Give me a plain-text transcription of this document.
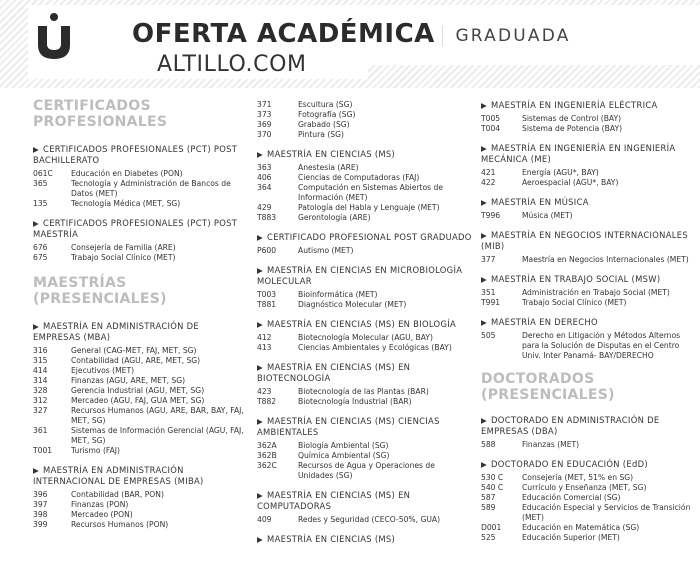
OFERTA ACADÉMICA	GRADUADA
ALTILLO.COM
CERTIFICADOS PROFESIONALES
▶ CERTIFICADOS PROFESIONALES (PCT) POST BACHILLERATO
061C	Educación en Diabetes (PON)
365	Tecnología y Administración de Bancos de Datos (MET)
135	Tecnología Médica (MET, SG)
▶ CERTIFICADOS PROFESIONALES (PCT) POST MAESTRÍA
676	Consejería de Familia (ARE)
675	Trabajo Social Clínico (MET)
MAESTRÍAS (PRESENCIALES)
▶ MAESTRÍA EN ADMINISTRACIÓN DE EMPRESAS (MBA)
316	General (CAG-MET, FAJ, MET, SG)
315	Contabilidad (AGU, ARE, MET, SG)
414	Ejecutivos (MET)
314	Finanzas (AGU, ARE, MET, SG)
328	Gerencia Industrial (AGU, MET, SG)
312	Mercadeo (AGU, FAJ, GUA MET, SG)
327	Recursos Humanos (AGU, ARE, BAR, BAY, FAJ, MET, SG)
361	Sistemas de Información Gerencial (AGU, FAJ, MET, SG)
T001	Turismo (FAJ)
▶ MAESTRÍA EN ADMINISTRACIÓN INTERNACIONAL DE EMPRESAS (MIBA)
396	Contabilidad (BAR, PON)
397	Finanzas (PON)
398	Mercadeo (PON)
399	Recursos Humanos (PON)
371	Escultura (SG)
373	Fotografía (SG)
369	Grabado (SG)
370	Pintura (SG)
▶ MAESTRÍA EN CIENCIAS (MS)
363	Anestesia (ARE)
406	Ciencias de Computadoras (FAJ)
364	Computación en Sistemas Abiertos de Información (MET)
429	Patología del Habla y Lenguaje (MET)
T883	Gerontología (ARE)
▶ CERTIFICADO PROFESIONAL POST GRADUADO
P600	Autismo (MET)
▶ MAESTRÍA EN CIENCIAS EN MICROBIOLOGÍA MOLECULAR
T003	Bioinformática (MET)
T881	Diagnóstico Molecular (MET)
▶ MAESTRÍA EN CIENCIAS (MS) EN BIOLOGÍA
412	Biotecnología Molecular (AGU, BAY)
413	Ciencias Ambientales y Ecológicas (BAY)
▶ MAESTRÍA EN CIENCIAS (MS) EN BIOTECNOLOGÍA
423	Biotecnología de las Plantas (BAR)
T882	Biotecnología Industrial (BAR)
▶ MAESTRÍA EN CIENCIAS (MS) CIENCIAS AMBIENTALES
362A	Biología Ambiental (SG)
362B	Química Ambiental (SG)
362C	Recursos de Agua y Operaciones de Unidades (SG)
▶ MAESTRÍA EN CIENCIAS (MS) EN COMPUTADORAS
409	Redes y Seguridad (CECO-50%, GUA)
▶ MAESTRÍA EN CIENCIAS (MS)
▶ MAESTRÍA EN INGENIERÍA ELÉCTRICA
T005	Sistemas de Control (BAY)
T004	Sistema de Potencia (BAY)
▶ MAESTRÍA EN INGENIERÍA EN INGENIERÍA MECÁNICA (ME)
421	Energía (AGU*, BAY)
422	Aeroespacial (AGU*, BAY)
▶ MAESTRÍA EN MÚSICA
T996	Música (MET)
▶ MAESTRÍA EN NEGOCIOS INTERNACIONALES (MIB)
377	Maestría en Negocios Internacionales (MET)
▶ MAESTRÍA EN TRABAJO SOCIAL (MSW)
351	Administración en Trabajo Social (MET)
T991	Trabajo Social Clínico (MET)
▶ MAESTRÍA EN DERECHO
505	Derecho en Litigación y Métodos Alternos para la Solución de Disputas en el Centro Univ. Inter Panamá- BAY/DERECHO
DOCTORADOS (PRESENCIALES)
▶ DOCTORADO EN ADMINISTRACIÓN DE EMPRESAS (DBA)
588	Finanzas (MET)
▶ DOCTORADO EN EDUCACIÓN (EdD)
530 C	Consejería (MET, 51% en SG)
540 C	Currículo y Enseñanza (MET, SG)
587	Educación Comercial (SG)
589	Educación Especial y Servicios de Transición (MET)
D001	Educación en Matemática (SG)
525	Educación Superior (MET)
